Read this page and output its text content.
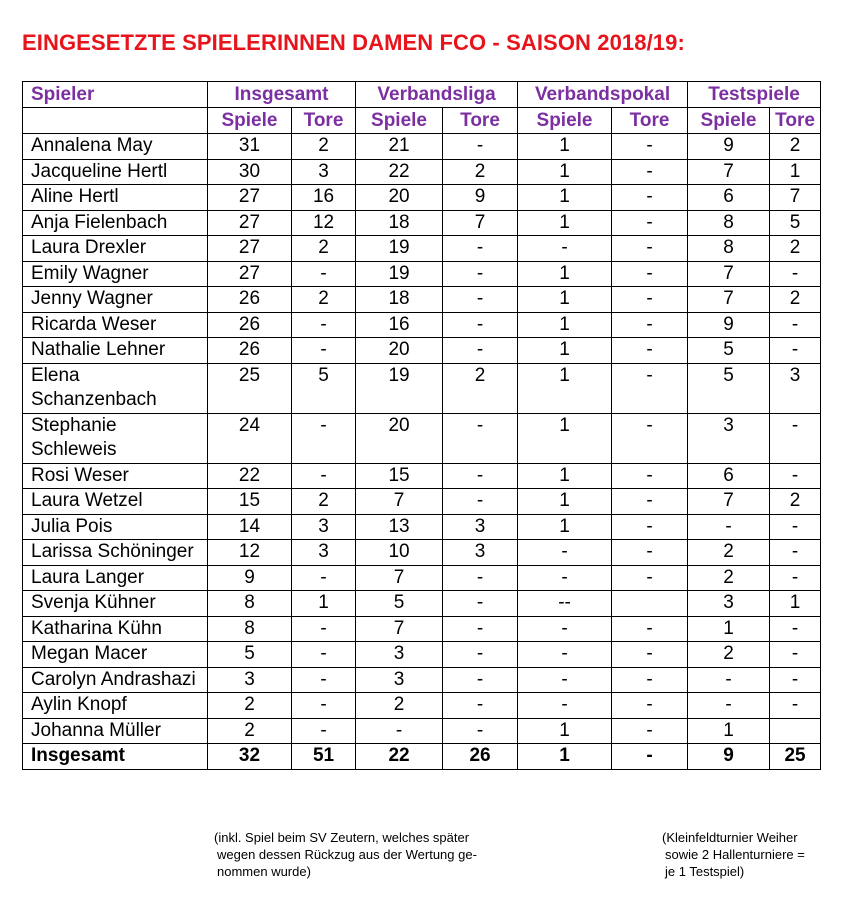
EINGESETZTE SPIELERINNEN DAMEN FCO - SAISON 2018/19:
Spieler	Insgesamt		Verbandsliga		Verbandspokal		Testspiele	
	Spiele	Tore	Spiele	Tore	Spiele	Tore	Spiele	Tore
Annalena May	31	2	21	-	1	-	9	2
Jacqueline Hertl	30	3	22	2	1	-	7	1
Aline Hertl	27	16	20	9	1	-	6	7
Anja Fielenbach	27	12	18	7	1	-	8	5
Laura Drexler	27	2	19	-	-	-	8	2
Emily Wagner	27	-	19	-	1	-	7	-
Jenny Wagner	26	2	18	-	1	-	7	2
Ricarda Weser	26	-	16	-	1	-	9	-
Nathalie Lehner	26	-	20	-	1	-	5	-
Elena Schanzenbach	25	5	19	2	1	-	5	3
Stephanie Schleweis	24	-	20	-	1	-	3	-
Rosi Weser	22	-	15	-	1	-	6	-
Laura Wetzel	15	2	7	-	1	-	7	2
Julia Pois	14	3	13	3	1	-	-	-
Larissa Schöninger	12	3	10	3	-	-	2	-
Laura Langer	9	-	7	-	-	-	2	-
Svenja Kühner	8	1	5	-	--		3	1
Katharina Kühn	8	-	7	-	-	-	1	-
Megan Macer	5	-	3	-	-	-	2	-
Carolyn Andrashazi	3	-	3	-	-	-	-	-
Aylin Knopf	2	-	2	-	-	-	-	-
Johanna Müller	2	-	-	-	1	-	1	
Insgesamt	32	51	22	26	1	-	9	25
(inkl. Spiel beim SV Zeutern, welches später
wegen dessen Rückzug aus der Wertung ge-
nommen wurde)
(Kleinfeldturnier Weiher
sowie 2 Hallenturniere =
je 1 Testspiel)
